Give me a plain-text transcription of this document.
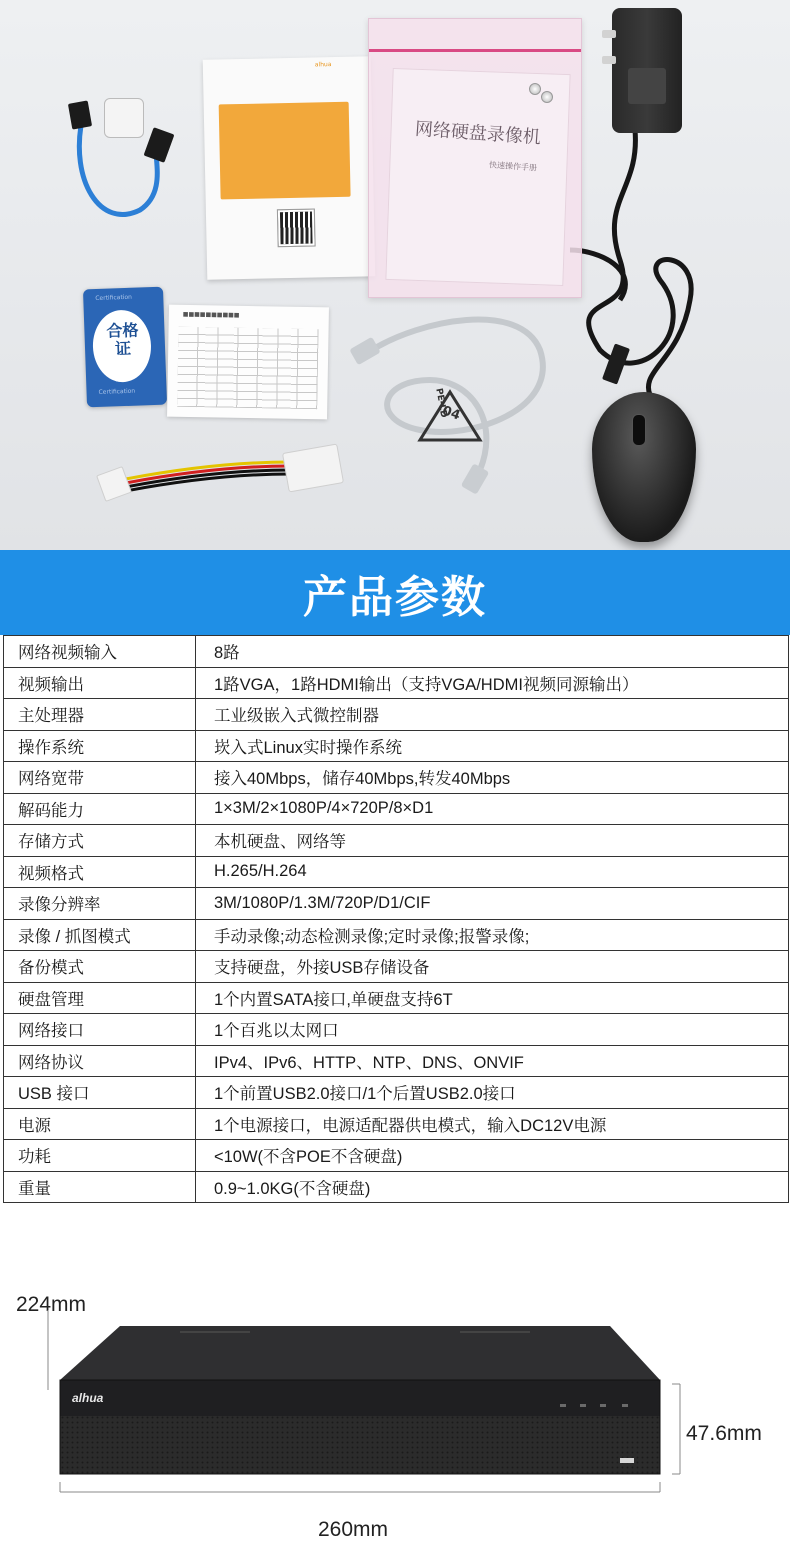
alhua
网络硬盘录像机
快速操作手册
Certification
Certification
合格证
■■■■■■■■■■
04
PE-LD
产品参数
网络视频输入	8路
视频输出	1路VGA，1路HDMI输出（支持VGA/HDMI视频同源输出）
主处理器	工业级嵌入式微控制器
操作系统	崁入式Linux实时操作系统
网络宽带	接入40Mbps，储存40Mbps,转发40Mbps
解码能力	1×3M/2×1080P/4×720P/8×D1
存储方式	本机硬盘、网络等
视频格式	H.265/H.264
录像分辨率	3M/1080P/1.3M/720P/D1/CIF
录像 / 抓图模式	手动录像;动态检测录像;定时录像;报警录像;
备份模式	支持硬盘，外接USB存储设备
硬盘管理	1个内置SATA接口,单硬盘支持6T
网络接口	1个百兆以太网口
网络协议	IPv4、IPv6、HTTP、NTP、DNS、ONVIF
USB 接口	1个前置USB2.0接口/1个后置USB2.0接口
电源	1个电源接口，电源适配器供电模式，输入DC12V电源
功耗	<10W(不含POE不含硬盘)
重量	0.9~1.0KG(不含硬盘)
224mm
47.6mm
260mm
alhua
